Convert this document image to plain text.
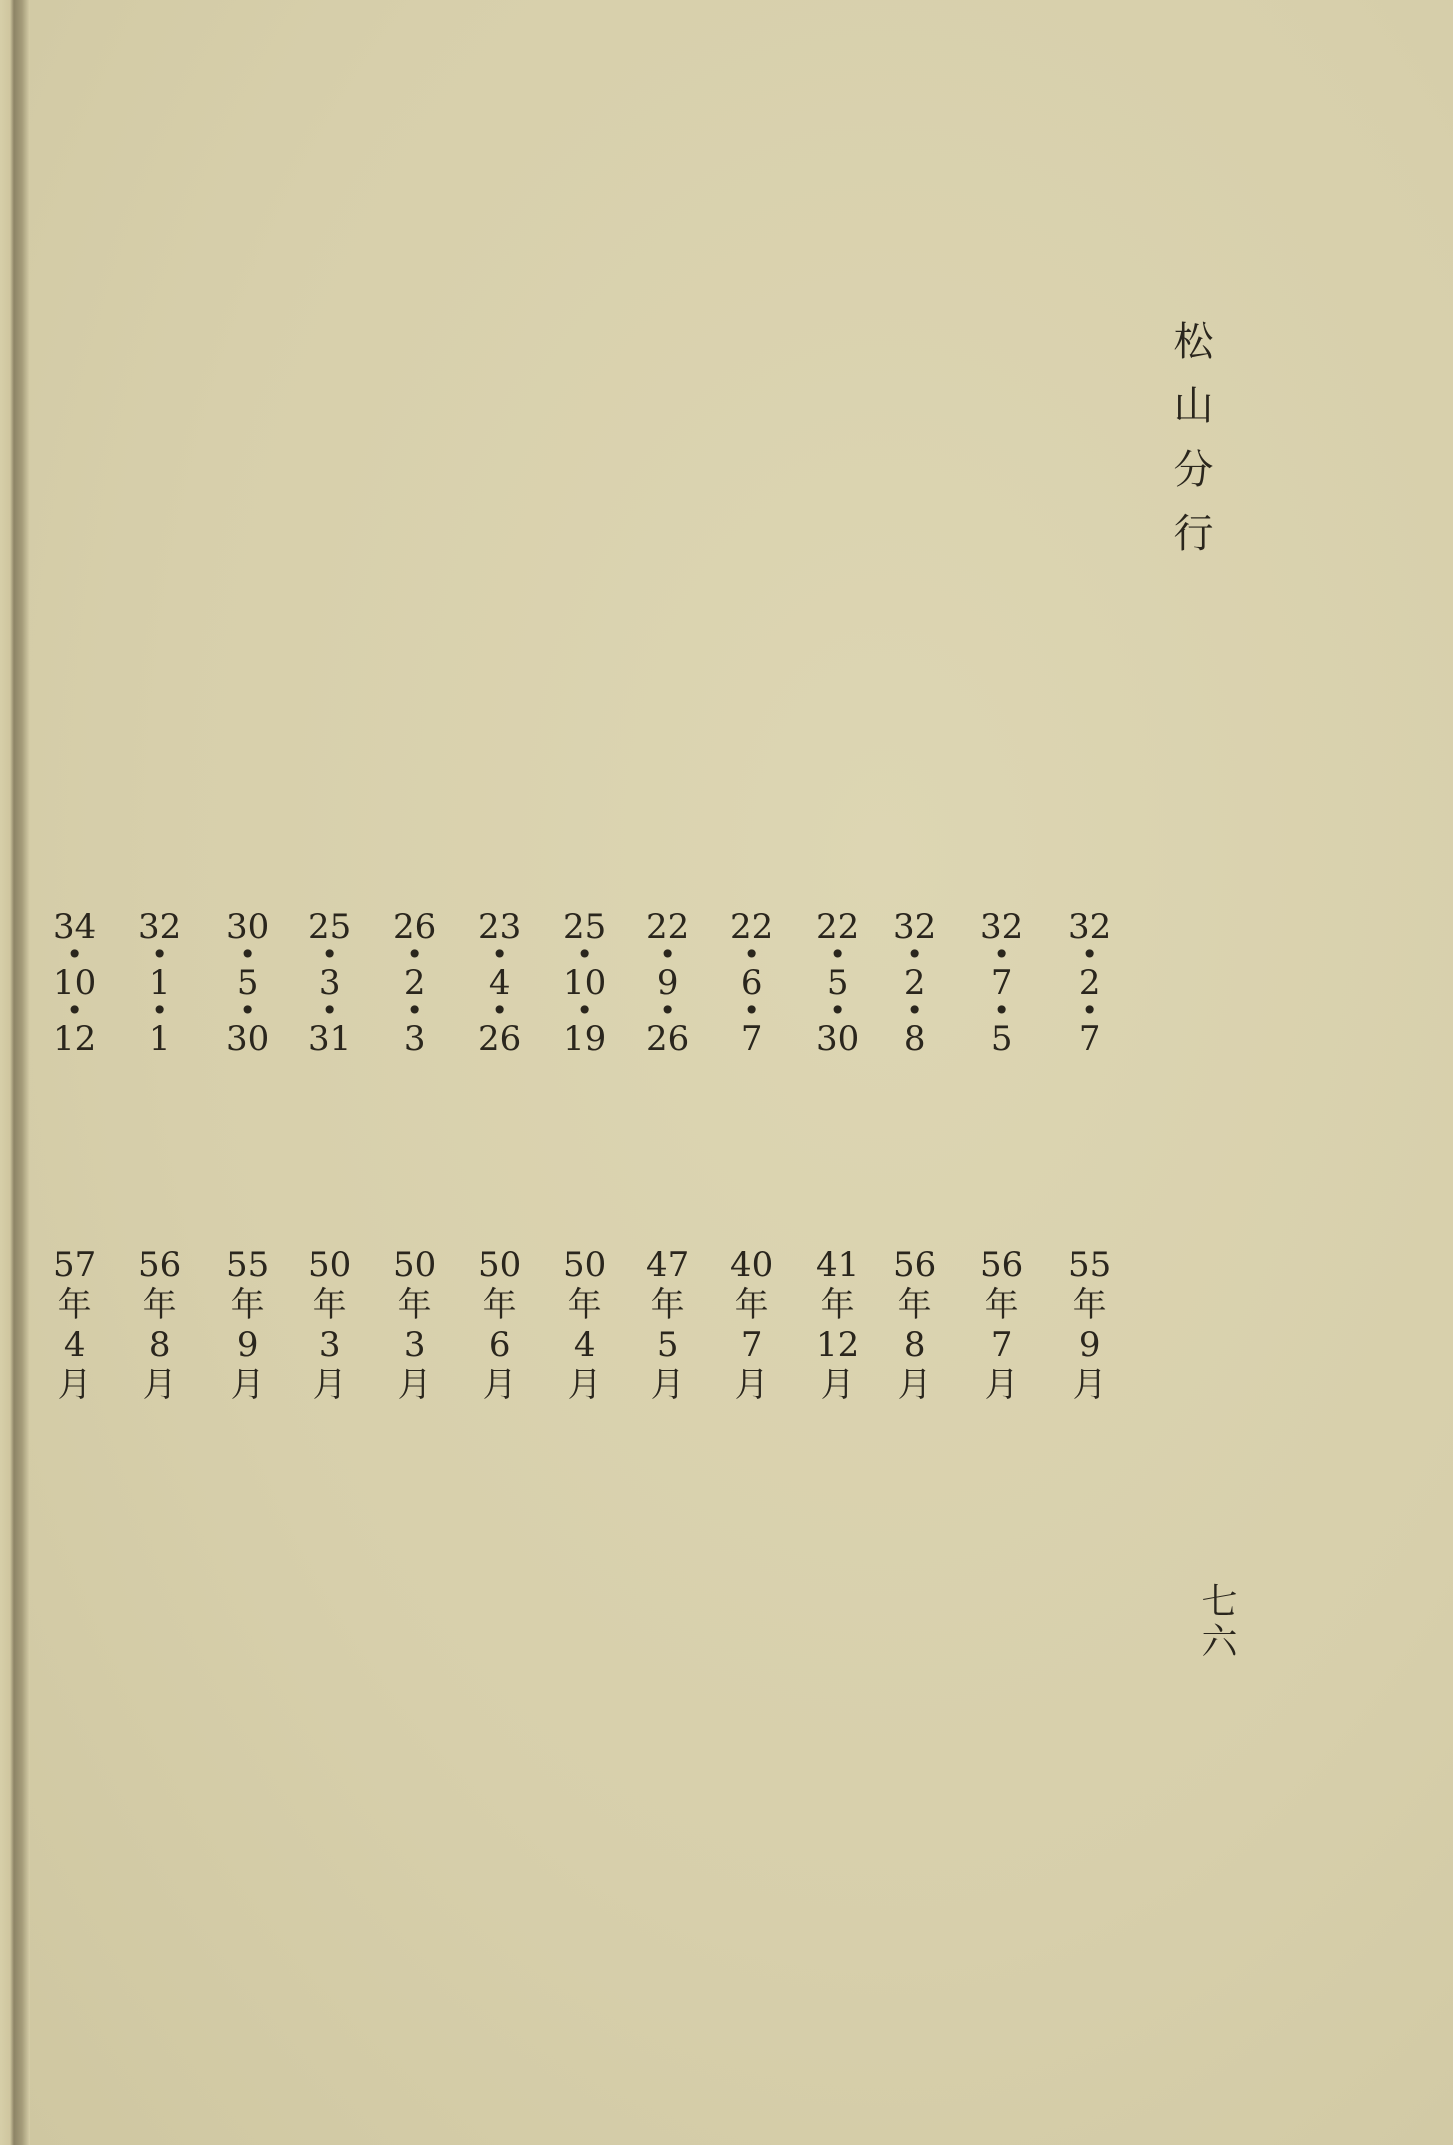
松山分行
七六
32
•
2
•
7
55
年
9
月
32
•
7
•
5
56
年
7
月
32
•
2
•
8
56
年
8
月
22
•
5
•
30
41
年
12
月
22
•
6
•
7
40
年
7
月
22
•
9
•
26
47
年
5
月
25
•
10
•
19
50
年
4
月
23
•
4
•
26
50
年
6
月
26
•
2
•
3
50
年
3
月
25
•
3
•
31
50
年
3
月
30
•
5
•
30
55
年
9
月
32
•
1
•
1
56
年
8
月
34
•
10
•
12
57
年
4
月
